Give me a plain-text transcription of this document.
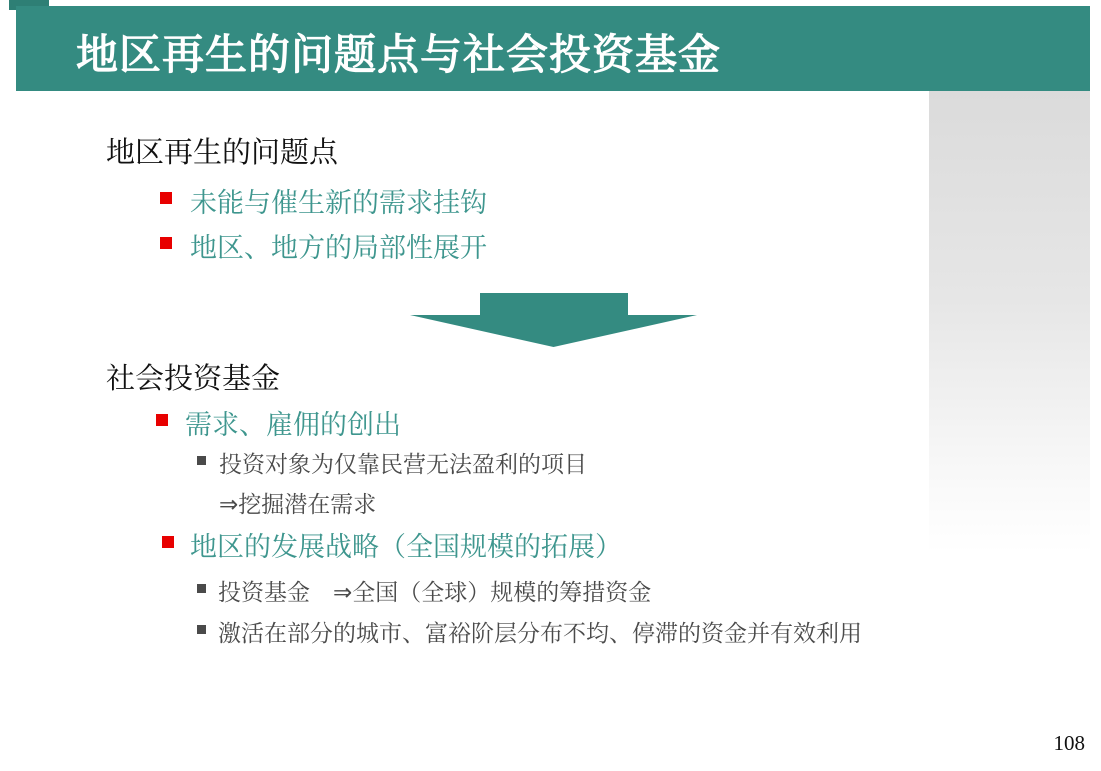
地区再生的问题点与社会投资基金
地区再生的问题点
未能与催生新的需求挂钩
地区、地方的局部性展开
社会投资基金
需求、雇佣的创出
投资对象为仅靠民营无法盈利的项目
⇒挖掘潜在需求
地区的发展战略（全国规模的拓展）
投资基金　⇒全国（全球）规模的筹措资金
激活在部分的城市、富裕阶层分布不均、停滞的资金并有效利用
108
